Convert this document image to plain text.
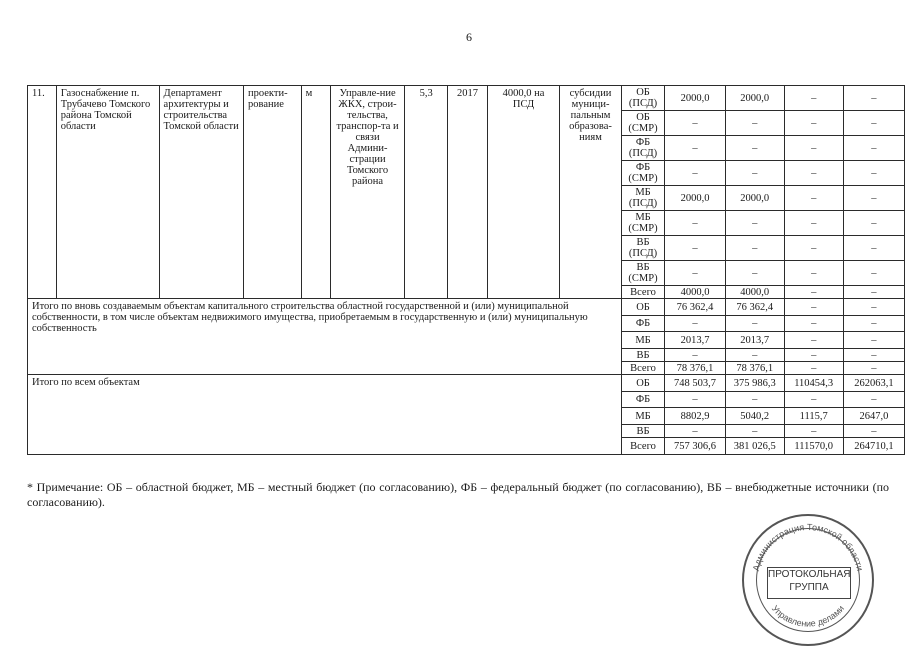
6
11.	Газоснабжение п. Трубачево Томского района Томской области	Департамент архитектуры и строительства Томской области	проекти-рование	м	Управле-ние ЖКХ, строи-тельства, транспор-та и связи Админи-страции Томского района	5,3	2017	4000,0 на ПСД	субсидии муници-пальным образова-ниям	ОБ (ПСД)	2000,0	2000,0	–	–
										ОБ (СМР)	–	–	–	–
										ФБ (ПСД)	–	–	–	–
										ФБ (СМР)	–	–	–	–
										МБ (ПСД)	2000,0	2000,0	–	–
										МБ (СМР)	–	–	–	–
										ВБ (ПСД)	–	–	–	–
										ВБ (СМР)	–	–	–	–
										Всего	4000,0	4000,0	–	–
Итого по вновь создаваемым объектам капитального строительства областной государственной и (или) муниципальной собственности, в том числе объектам недвижимого имущества, приобретаемым в государственную и (или) муниципальную собственность										ОБ	76 362,4	76 362,4	–	–
										ФБ	–	–	–	–
										МБ	2013,7	2013,7	–	–
										ВБ	–	–	–	–
										Всего	78 376,1	78 376,1	–	–
Итого по всем объектам										ОБ	748 503,7	375 986,3	110454,3	262063,1
										ФБ	–	–	–	–
										МБ	8802,9	5040,2	1115,7	2647,0
										ВБ	–	–	–	–
										Всего	757 306,6	381 026,5	111570,0	264710,1
* Примечание: ОБ – областной бюджет, МБ – местный бюджет (по согласованию), ФБ – федеральный бюджет (по согласованию), ВБ – внебюджетные источники (по согласованию).
Администрация Томской области
Управление делами
ПРОТОКОЛЬНАЯ
ГРУППА
